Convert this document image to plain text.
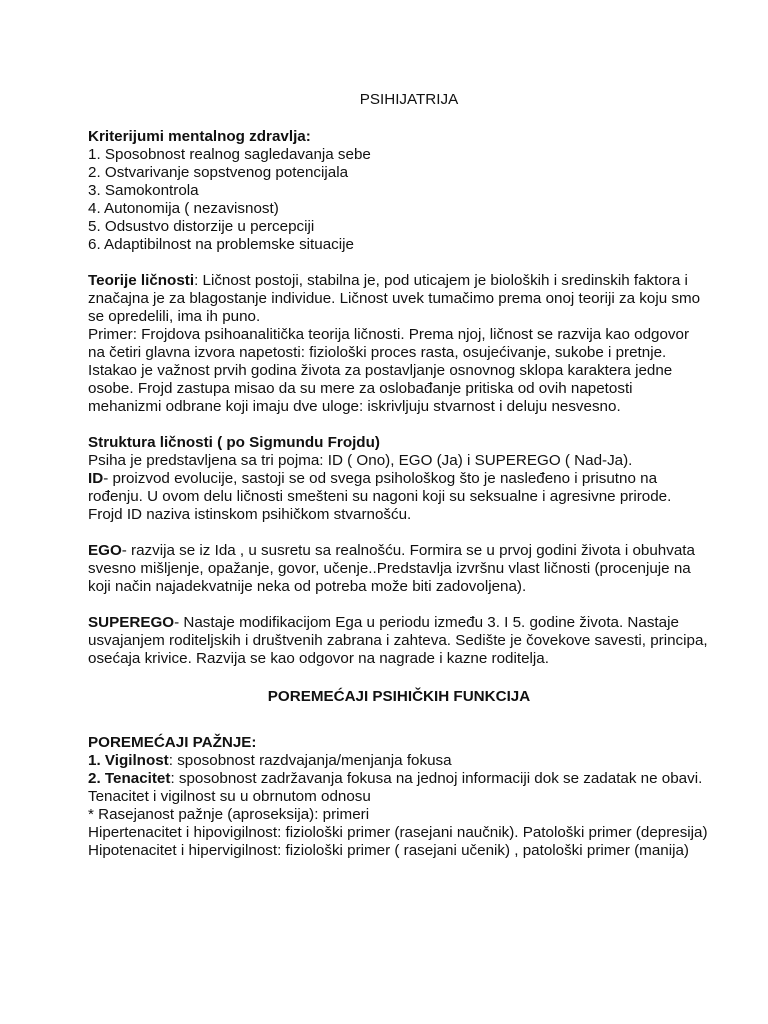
PSIHIJATRIJA

Kriterijumi mentalnog zdravlja:

1. Sposobnost realnog sagledavanja sebe
2. Ostvarivanje sopstvenog potencijala
3. Samokontrola
4. Autonomija ( nezavisnost)
5. Odsustvo distorzije u percepciji
6. Adaptibilnost na problemske situacije

Teorije ličnosti: Ličnost postoji, stabilna je, pod uticajem je bioloških i sredinskih faktora i značajna je za blagostanje individue. Ličnost uvek tumačimo prema onoj teoriji za koju smo se opredelili, ima ih puno.

Primer: Frojdova psihoanalitička teorija ličnosti. Prema njoj, ličnost se razvija kao odgovor na četiri glavna izvora napetosti: fiziološki proces rasta, osujećivanje, sukobe i pretnje. Istakao je važnost prvih godina života za postavljanje osnovnog sklopa karaktera jedne osobe. Frojd zastupa misao da su mere za oslobađanje pritiska od ovih napetosti mehanizmi odbrane koji imaju dve uloge: iskrivljuju stvarnost i deluju nesvesno.

Struktura ličnosti ( po Sigmundu Frojdu)

Psiha je predstavljena sa tri pojma: ID ( Ono), EGO (Ja) i SUPEREGO ( Nad-Ja).

ID- proizvod evolucije, sastoji se od svega psihološkog što je nasleđeno i prisutno na rođenju. U ovom delu ličnosti smešteni su nagoni koji su seksualne i agresivne prirode. Frojd ID naziva istinskom psihičkom stvarnošću.

EGO- razvija se iz Ida , u susretu sa realnošću. Formira se u prvoj godini života i obuhvata svesno mišljenje, opažanje, govor, učenje..Predstavlja izvršnu vlast ličnosti (procenjuje na koji način najadekvatnije neka od potreba može biti zadovoljena).

SUPEREGO- Nastaje modifikacijom Ega u periodu između 3. I 5. godine života. Nastaje usvajanjem roditeljskih i društvenih zabrana i zahteva. Sedište je čovekove savesti, principa, osećaja krivice. Razvija se kao odgovor na nagrade i kazne roditelja.

POREMEĆAJI PSIHIČKIH FUNKCIJA

POREMEĆAJI PAŽNJE:

1. Vigilnost: sposobnost razdvajanja/menjanja fokusa

2. Tenacitet: sposobnost zadržavanja fokusa na jednoj informaciji dok se zadatak ne obavi. Tenacitet i vigilnost su u obrnutom odnosu

* Rasejanost pažnje (aproseksija): primeri

Hipertenacitet i hipovigilnost: fiziološki primer (rasejani naučnik). Patološki primer (depresija)

Hipotenacitet i hipervigilnost: fiziološki primer ( rasejani učenik) , patološki primer (manija)
